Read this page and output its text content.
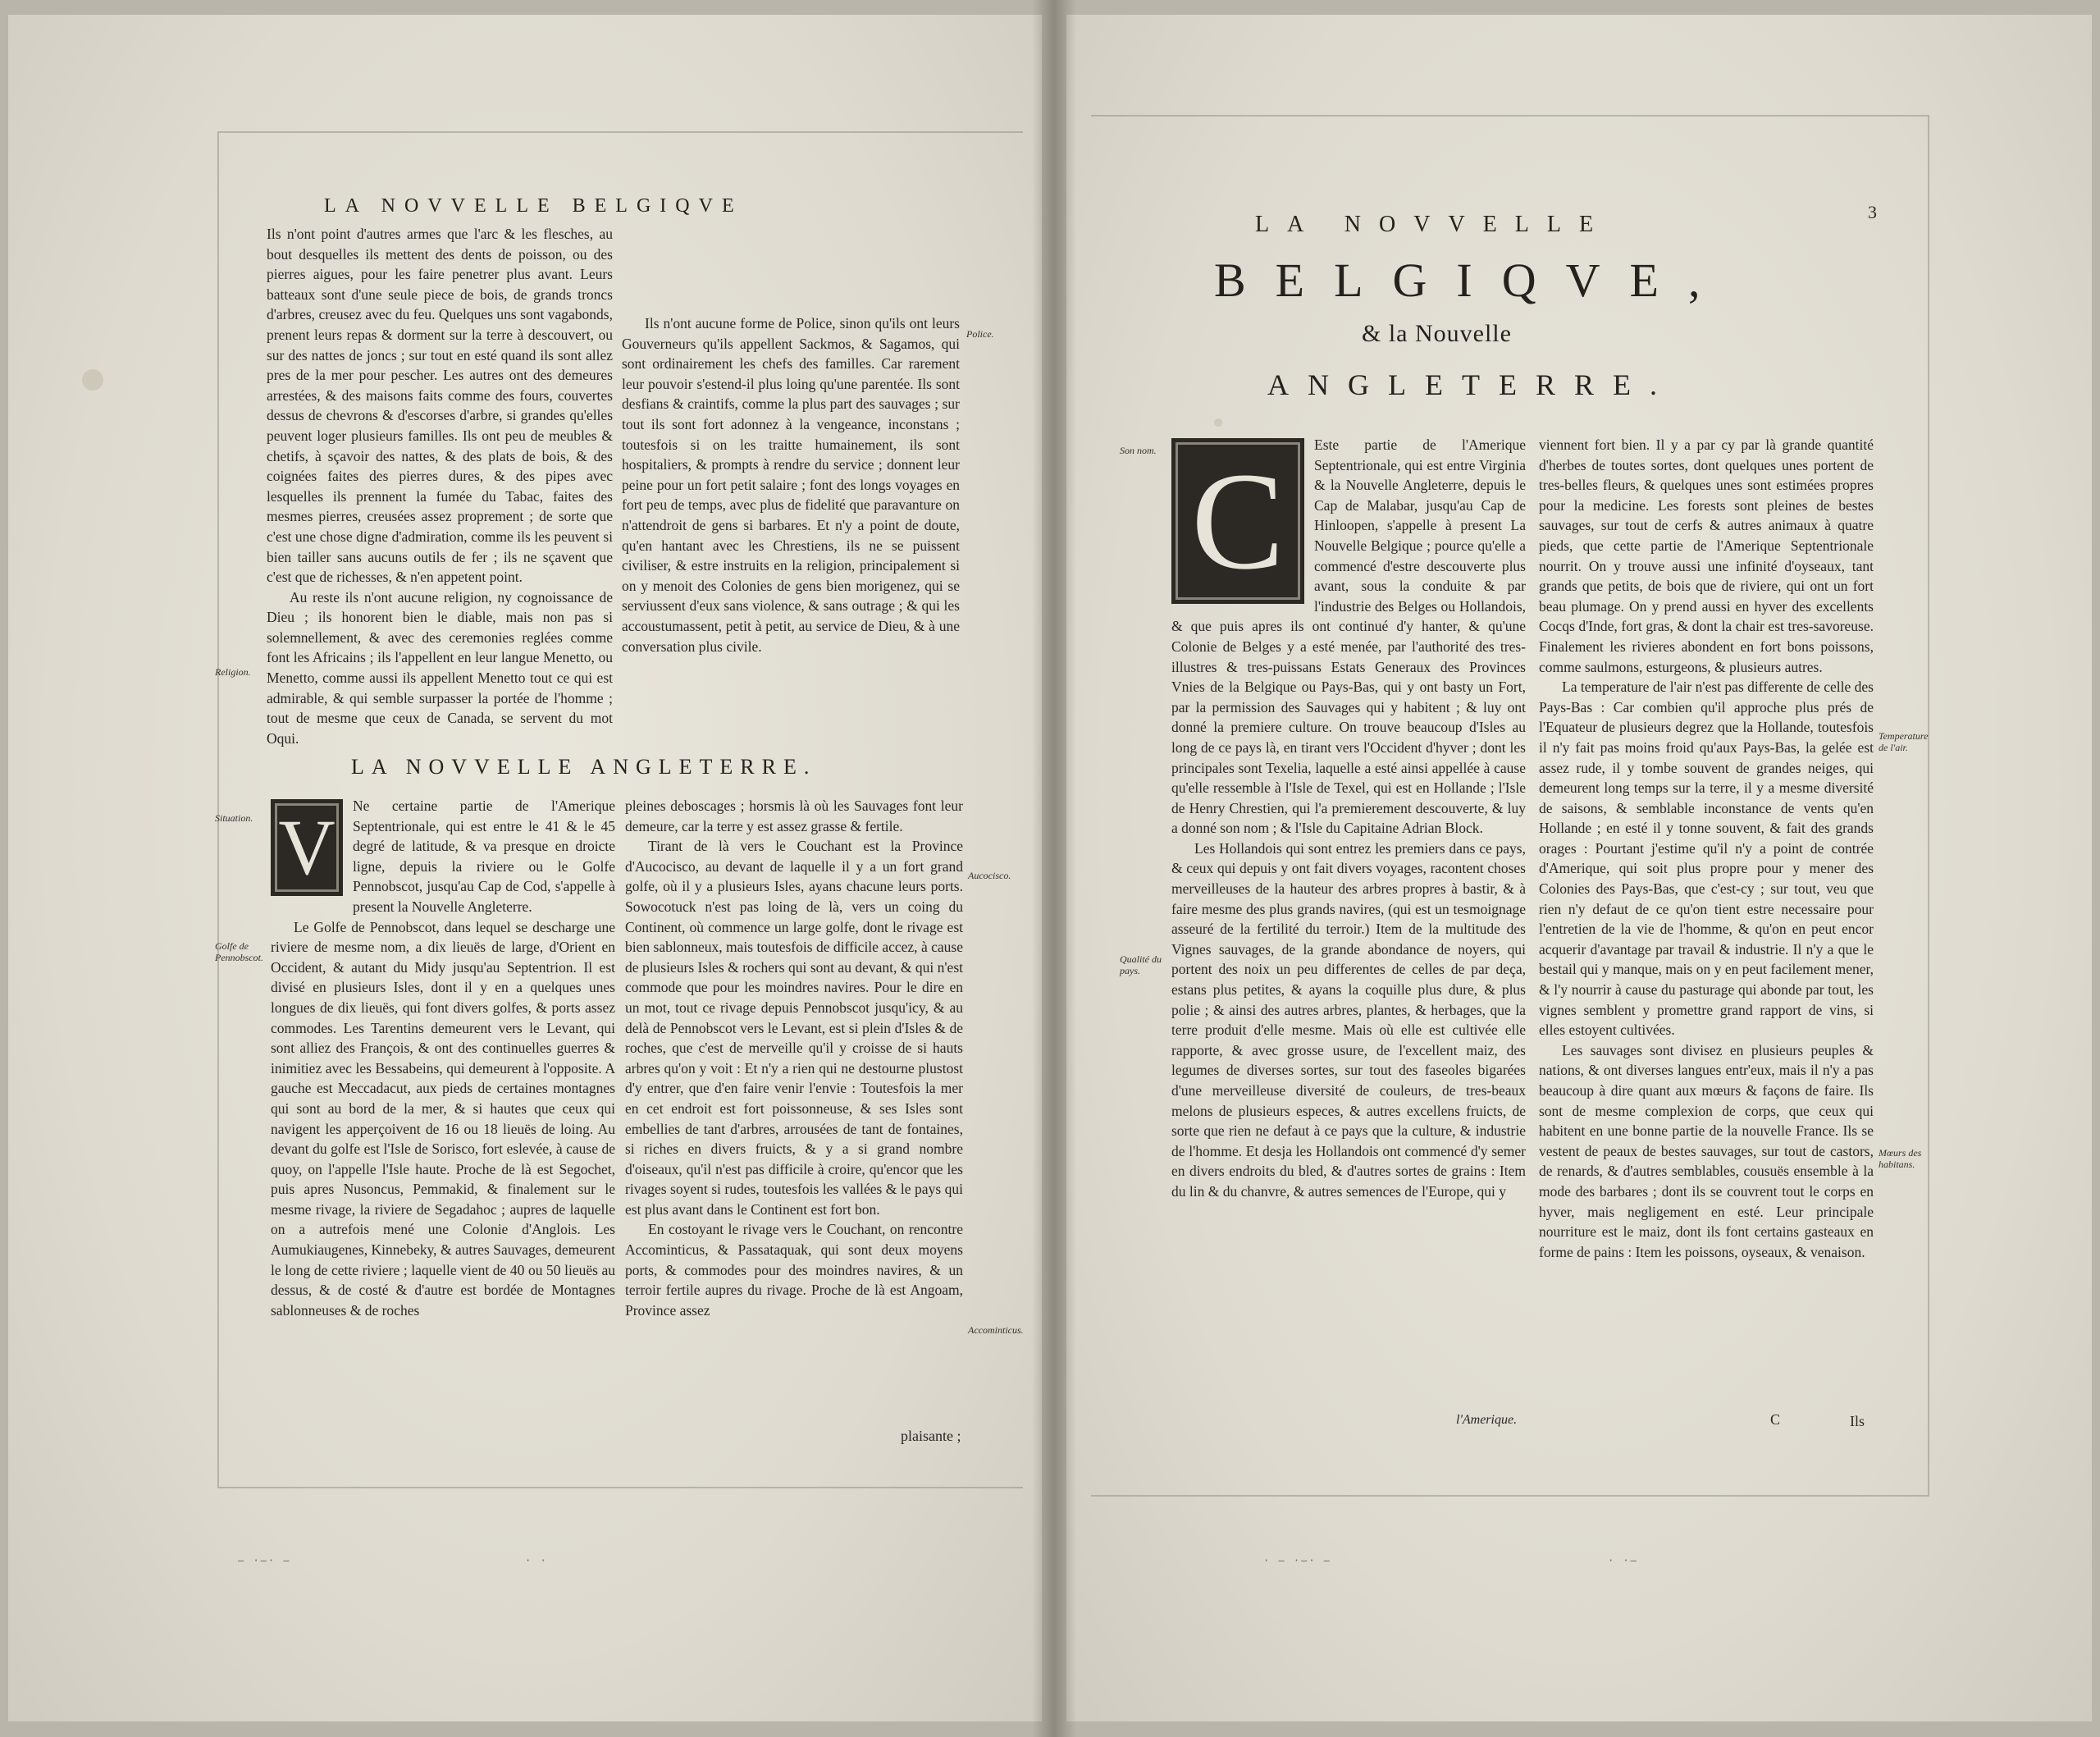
LA NOVVELLE BELGIQVE

Ils n'ont point d'autres armes que l'arc & les flesches, au bout desquelles ils mettent des dents de poisson, ou des pierres aigues, pour les faire penetrer plus avant. Leurs batteaux sont d'une seule piece de bois, de grands troncs d'arbres, creusez avec du feu. Quelques uns sont vagabonds, prenent leurs repas & dorment sur la terre à descouvert, ou sur des nattes de joncs ; sur tout en esté quand ils sont allez pres de la mer pour pescher. Les autres ont des demeures arrestées, & des maisons faits comme des fours, couvertes dessus de chevrons & d'escorses d'arbre, si grandes qu'elles peuvent loger plusieurs familles. Ils ont peu de meubles & chetifs, à sçavoir des nattes, & des plats de bois, & des coignées faites des pierres dures, & des pipes avec lesquelles ils prennent la fumée du Tabac, faites des mesmes pierres, creusées assez proprement ; de sorte que c'est une chose digne d'admiration, comme ils les peuvent si bien tailler sans aucuns outils de fer ; ils ne sçavent que c'est que de richesses, & n'en appetent point.

Au reste ils n'ont aucune religion, ny cognoissance de Dieu ; ils honorent bien le diable, mais non pas si solemnellement, & avec des ceremonies reglées comme font les Africains ; ils l'appellent en leur langue Menetto, ou Menetto, comme aussi ils appellent Menetto tout ce qui est admirable, & qui semble surpasser la portée de l'homme ; tout de mesme que ceux de Canada, se servent du mot Oqui.

Ils n'ont aucune forme de Police, sinon qu'ils ont leurs Gouverneurs qu'ils appellent Sackmos, & Sagamos, qui sont ordinairement les chefs des familles. Car rarement leur pouvoir s'estend-il plus loing qu'une parentée. Ils sont desfians & craintifs, comme la plus part des sauvages ; sur tout ils sont fort adonnez à la vengeance, inconstans ; toutesfois si on les traitte humainement, ils sont hospitaliers, & prompts à rendre du service ; donnent leur peine pour un fort petit salaire ; font des longs voyages en fort peu de temps, avec plus de fidelité que paravanture on n'attendroit de gens si barbares. Et n'y a point de doute, qu'en hantant avec les Chrestiens, ils ne se puissent civiliser, & estre instruits en la religion, principalement si on y menoit des Colonies de gens bien morigenez, qui se serviussent d'eux sans violence, & sans outrage ; & qui les accoustumassent, petit à petit, au service de Dieu, & à une conversation plus civile.

LA NOVVELLE ANGLETERRE.
V	Ne certaine partie de l'Amerique Septentrionale, qui est entre le 41 & le 45 degré de latitude, & va presque en droicte ligne, depuis la riviere ou le Golfe Pennobscot, jusqu'au Cap de Cod, s'appelle à present la Nouvelle Angleterre.

Le Golfe de Pennobscot, dans lequel se descharge une riviere de mesme nom, a dix lieuës de large, d'Orient en Occident, & autant du Midy jusqu'au Septentrion. Il est divisé en plusieurs Isles, dont il y en a quelques unes longues de dix lieuës, qui font divers golfes, & ports assez commodes. Les Tarentins demeurent vers le Levant, qui sont alliez des François, & ont des continuelles guerres & inimitiez avec les Bessabeins, qui demeurent à l'opposite. A gauche est Meccadacut, aux pieds de certaines montagnes qui sont au bord de la mer, & si hautes que ceux qui navigent les apperçoivent de 16 ou 18 lieuës de loing. Au devant du golfe est l'Isle de Sorisco, fort eslevée, à cause de quoy, on l'appelle l'Isle haute. Proche de là est Segochet, puis apres Nusoncus, Pemmakid, & finalement sur le mesme rivage, la riviere de Segadahoc ; aupres de laquelle on a autrefois mené une Colonie d'Anglois. Les Aumukiaugenes, Kinnebeky, & autres Sauvages, demeurent le long de cette riviere ; laquelle vient de 40 ou 50 lieuës au dessus, & de costé & d'autre est bordée de Montagnes sablonneuses & de roches

pleines deboscages ; horsmis là où les Sauvages font leur demeure, car la terre y est assez grasse & fertile.

Tirant de là vers le Couchant est la Province d'Aucocisco, au devant de laquelle il y a un fort grand golfe, où il y a plusieurs Isles, ayans chacune leurs ports. Sowocotuck n'est pas loing de là, vers un coing du Continent, où commence un large golfe, dont le rivage est bien sablonneux, mais toutesfois de difficile accez, à cause de plusieurs Isles & rochers qui sont au devant, & qui n'est commode que pour les moindres navires. Pour le dire en un mot, tout ce rivage depuis Pennobscot jusqu'icy, & au delà de Pennobscot vers le Levant, est si plein d'Isles & de roches, que c'est de merveille qu'il y croisse de si hauts arbres qu'on y voit : Et n'y a rien qui ne destourne plustost d'y entrer, que d'en faire venir l'envie : Toutesfois la mer en cet endroit est fort poissonneuse, & ses Isles sont embellies de tant d'arbres, arrousées de tant de fontaines, si riches en divers fruicts, & y a si grand nombre d'oiseaux, qu'il n'est pas difficile à croire, qu'encor que les rivages soyent si rudes, toutesfois les vallées & le pays qui est plus avant dans le Continent est fort bon.

En costoyant le rivage vers le Couchant, on rencontre Accominticus, & Passataquak, qui sont deux moyens ports, & commodes pour des moindres navires, & un terroir fertile aupres du rivage. Proche de là est Angoam, Province assez

plaisante ;
Religion.
Police.
Situation.
Golfe de Pennobscot.
Aucocisco.
Accominticus.
— ·—· —	· ·
3
LA NOVVELLE
BELGIQVE,
& la Nouvelle
ANGLETERRE.
C	Este partie de l'Amerique Septentrionale, qui est entre Virginia & la Nouvelle Angleterre, depuis le Cap de Malabar, jusqu'au Cap de Hinloopen, s'appelle à present La Nouvelle Belgique ; pource qu'elle a commencé d'estre descouverte plus avant, sous la conduite & par l'industrie des Belges ou Hollandois, & que puis apres ils ont continué d'y hanter, & qu'une Colonie de Belges y a esté menée, par l'authorité des tres-illustres & tres-puissans Estats Generaux des Provinces Vnies de la Belgique ou Pays-Bas, qui y ont basty un Fort, par la permission des Sauvages qui y habitent ; & luy ont donné la premiere culture. On trouve beaucoup d'Isles au long de ce pays là, en tirant vers l'Occident d'hyver ; dont les principales sont Texelia, laquelle a esté ainsi appellée à cause qu'elle ressemble à l'Isle de Texel, qui est en Hollande ; l'Isle de Henry Chrestien, qui l'a premierement descouverte, & luy a donné son nom ; & l'Isle du Capitaine Adrian Block.

Les Hollandois qui sont entrez les premiers dans ce pays, & ceux qui depuis y ont fait divers voyages, racontent choses merveilleuses de la hauteur des arbres propres à bastir, & à faire mesme des plus grands navires, (qui est un tesmoignage asseuré de la fertilité du terroir.) Item de la multitude des Vignes sauvages, de la grande abondance de noyers, qui portent des noix un peu differentes de celles de par deça, estans plus petites, & ayans la coquille plus dure, & plus polie ; & ainsi des autres arbres, plantes, & herbages, que la terre produit d'elle mesme. Mais où elle est cultivée elle rapporte, & avec grosse usure, de l'excellent maiz, des legumes de diverses sortes, sur tout des faseoles bigarées d'une merveilleuse diversité de couleurs, de tres-beaux melons de plusieurs especes, & autres excellens fruicts, de sorte que rien ne defaut à ce pays que la culture, & industrie de l'homme. Et desja les Hollandois ont commencé d'y semer en divers endroits du bled, & d'autres sortes de grains : Item du lin & du chanvre, & autres semences de l'Europe, qui y

viennent fort bien. Il y a par cy par là grande quantité d'herbes de toutes sortes, dont quelques unes portent de tres-belles fleurs, & quelques unes sont estimées propres pour la medicine. Les forests sont pleines de bestes sauvages, sur tout de cerfs & autres animaux à quatre pieds, que cette partie de l'Amerique Septentrionale nourrit. On y trouve aussi une infinité d'oyseaux, tant grands que petits, de bois que de riviere, qui ont un fort beau plumage. On y prend aussi en hyver des excellents Cocqs d'Inde, fort gras, & dont la chair est tres-savoreuse. Finalement les rivieres abondent en fort bons poissons, comme saulmons, esturgeons, & plusieurs autres.

La temperature de l'air n'est pas differente de celle des Pays-Bas : Car combien qu'il approche plus prés de l'Equateur de plusieurs degrez que la Hollande, toutesfois il n'y fait pas moins froid qu'aux Pays-Bas, la gelée est assez rude, il y tombe souvent de grandes neiges, qui demeurent long temps sur la terre, il y a mesme diversité de saisons, & semblable inconstance de vents qu'en Hollande ; en esté il y tonne souvent, & fait des grands orages : Pourtant j'estime qu'il n'y a point de contrée d'Amerique, qui soit plus propre pour y mener des Colonies des Pays-Bas, que c'est-cy ; sur tout, veu que rien n'y defaut de ce qu'on tient estre necessaire pour l'entretien de la vie de l'homme, & qu'on en peut encor acquerir d'avantage par travail & industrie. Il n'y a que le bestail qui y manque, mais on y en peut facilement mener, & l'y nourrir à cause du pasturage qui abonde par tout, les vignes semblent y promettre grand rapport de vins, si elles estoyent cultivées.

Les sauvages sont divisez en plusieurs peuples & nations, & ont diverses langues entr'eux, mais il n'y a pas beaucoup à dire quant aux mœurs & façons de faire. Ils sont de mesme complexion de corps, que ceux qui habitent en une bonne partie de la nouvelle France. Ils se vestent de peaux de bestes sauvages, sur tout de castors, de renards, & d'autres semblables, cousuës ensemble à la mode des barbares ; dont ils se couvrent tout le corps en hyver, mais negligement en esté. Leur principale nourriture est le maiz, dont ils font certains gasteaux en forme de pains : Item les poissons, oyseaux, & venaison.

l'Amerique.	C	Ils
Son nom.
Qualité du pays.
Temperature de l'air.
Mœurs des habitans.
· — ·—· —	· ·—
